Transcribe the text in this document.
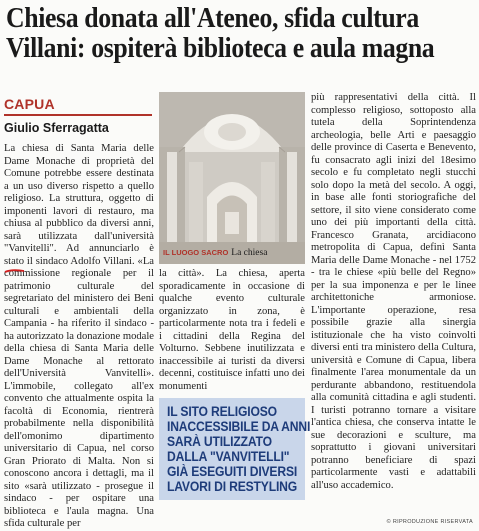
Chiesa donata all'Ateneo, sfida cultura
Villani: ospiterà biblioteca e aula magna
CAPUA
Giulio Sferragatta

La chiesa di Santa Maria delle Dame Monache di proprietà del Comune potrebbe essere destinata a un uso diverso rispetto a quello religioso. La struttura, oggetto di imponenti lavori di restauro, ma chiusa al pubblico da diversi anni, sarà utilizzata dall'università "Vanvitelli". Ad annunciarlo è stato il sindaco Adolfo Villani. «La commissione regionale per il patrimonio culturale del segretariato del ministero dei Beni culturali e ambientali della Campania - ha riferito il sindaco - ha autorizzato la donazione modale della chiesa di Santa Maria delle Dame Monache al rettorato dell'Università Vanvitelli». L'immobile, collegato all'ex convento che attualmente ospita la facoltà di Economia, rientrerà probabilmente nella disponibilità dell'omonimo dipartimento universitario di Capua, nel corso Gran Priorato di Malta. Non si conoscono ancora i dettagli, ma il sito «sarà utilizzato - prosegue il sindaco - per ospitare una biblioteca e l'aula magna. Una sfida culturale per

IL LUOGO SACRO La chiesa

la città». La chiesa, aperta sporadicamente in occasione di qualche evento culturale organizzato in zona, è particolarmente nota tra i fedeli e i cittadini della Regina del Volturno. Sebbene inutilizzata e inaccessibile ai turisti da diversi decenni, costituisce infatti uno dei monumenti

IL SITO RELIGIOSO
INACCESSIBILE DA ANNI
SARÀ UTILIZZATO
DALLA "VANVITELLI"
GIÀ ESEGUITI DIVERSI
LAVORI DI RESTYLING

più rappresentativi della città. Il complesso religioso, sottoposto alla tutela della Soprintendenza archeologia, belle Arti e paesaggio delle province di Caserta e Benevento, fu consacrato agli inizi del 18esimo secolo e fu completato negli stucchi solo dopo la metà del secolo. A oggi, in base alle fonti storiografiche del settore, il sito viene considerato come uno dei più importanti della città. Francesco Granata, arcidiacono metropolita di Capua, definì Santa Maria delle Dame Monache - nel 1752 - tra le chiese «più belle del Regno» per la sua imponenza e per le linee architettoniche armoniose. L'importante operazione, resa possibile grazie alla sinergia istituzionale che ha visto coinvolti diversi enti tra ministero della Cultura, università e Comune di Capua, libera finalmente l'area monumentale da un perdurante abbandono, restituendola alla comunità cittadina e agli studenti. I turisti potranno tornare a visitare l'antica chiesa, che conserva intatte le sue decorazioni e sculture, ma soprattutto i giovani universitari potranno beneficiare di spazi particolarmente vasti e adattabili all'uso accademico.

© RIPRODUZIONE RISERVATA
